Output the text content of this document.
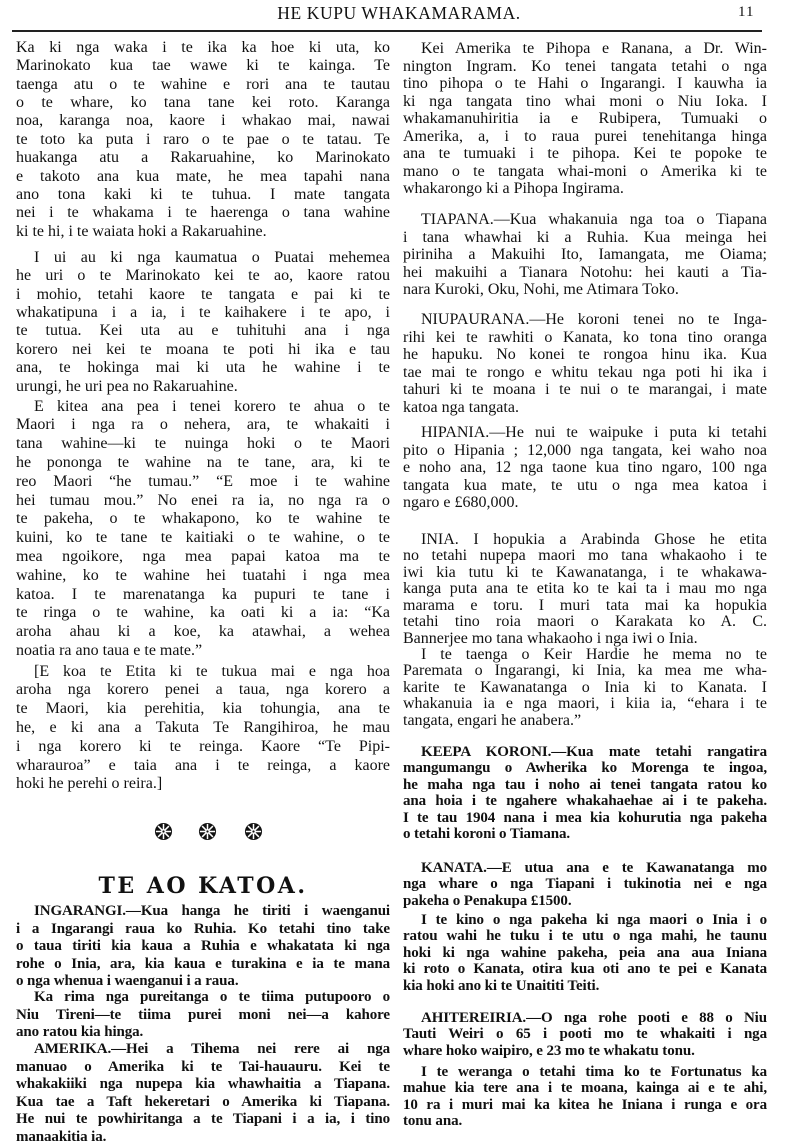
HE KUPU WHAKAMARAMA.	11
Ka ki nga waka i te ika ka hoe ki uta, ko
Marinokato kua tae wawe ki te kainga. Te
taenga atu o te wahine e rori ana te tautau
o te whare, ko tana tane kei roto. Karanga
noa, karanga noa, kaore i whakao mai, nawai
te toto ka puta i raro o te pae o te tatau. Te
huakanga atu a Rakaruahine, ko Marinokato
e takoto ana kua mate, he mea tapahi nana
ano tona kaki ki te tuhua. I mate tangata
nei i te whakama i te haerenga o tana wahine
ki te hi, i te waiata hoki a Rakaruahine.
I ui au ki nga kaumatua o Puatai mehemea
he uri o te Marinokato kei te ao, kaore ratou
i mohio, tetahi kaore te tangata e pai ki te
whakatipuna i a ia, i te kaihakere i te apo, i
te tutua. Kei uta au e tuhituhi ana i nga
korero nei kei te moana te poti hi ika e tau
ana, te hokinga mai ki uta he wahine i te
urungi, he uri pea no Rakaruahine.
E kitea ana pea i tenei korero te ahua o te
Maori i nga ra o nehera, ara, te whakaiti i
tana wahine—ki te nuinga hoki o te Maori
he pononga te wahine na te tane, ara, ki te
reo Maori “he tumau.” “E moe i te wahine
hei tumau mou.” No enei ra ia, no nga ra o
te pakeha, o te whakapono, ko te wahine te
kuini, ko te tane te kaitiaki o te wahine, o te
mea ngoikore, nga mea papai katoa ma te
wahine, ko te wahine hei tuatahi i nga mea
katoa. I te marenatanga ka pupuri te tane i
te ringa o te wahine, ka oati ki a ia: “Ka
aroha ahau ki a koe, ka atawhai, a wehea
noatia ra ano taua e te mate.”
[E koa te Etita ki te tukua mai e nga hoa
aroha nga korero penei a taua, nga korero a
te Maori, kia perehitia, kia tohungia, ana te
he, e ki ana a Takuta Te Rangihiroa, he mau
i nga korero ki te reinga. Kaore “Te Pipi-
wharauroa” e taia ana i te reinga, a kaore
hoki he perehi o reira.]
TE AO KATOA.
INGARANGI.—Kua hanga he tiriti i waenganui
i a Ingarangi raua ko Ruhia. Ko tetahi tino take
o taua tiriti kia kaua a Ruhia e whakatata ki nga
rohe o Inia, ara, kia kaua e turakina e ia te mana
o nga whenua i waenganui i a raua.
Ka rima nga pureitanga o te tiima putupooro o
Niu Tireni—te tiima purei moni nei—a kahore
ano ratou kia hinga.
AMERIKA.—Hei a Tihema nei rere ai nga
manuao o Amerika ki te Tai-hauauru. Kei te
whakakiiki nga nupepa kia whawhaitia a Tiapana.
Kua tae a Taft hekeretari o Amerika ki Tiapana.
He nui te powhiritanga a te Tiapani i a ia, i tino
manaakitia ia.
Kei Amerika te Pihopa e Ranana, a Dr. Win-
nington Ingram. Ko tenei tangata tetahi o nga
tino pihopa o te Hahi o Ingarangi. I kauwha ia
ki nga tangata tino whai moni o Niu Ioka. I
whakamanuhiritia ia e Rubipera, Tumuaki o
Amerika, a, i to raua purei tenehitanga hinga
ana te tumuaki i te pihopa. Kei te popoke te
mano o te tangata whai-moni o Amerika ki te
whakarongo ki a Pihopa Ingirama.
TIAPANA.—Kua whakanuia nga toa o Tiapana
i tana whawhai ki a Ruhia. Kua meinga hei
piriniha a Makuihi Ito, Iamangata, me Oiama;
hei makuihi a Tianara Notohu: hei kauti a Tia-
nara Kuroki, Oku, Nohi, me Atimara Toko.
NIUPAURANA.—He koroni tenei no te Inga-
rihi kei te rawhiti o Kanata, ko tona tino oranga
he hapuku. No konei te rongoa hinu ika. Kua
tae mai te rongo e whitu tekau nga poti hi ika i
tahuri ki te moana i te nui o te marangai, i mate
katoa nga tangata.
HIPANIA.—He nui te waipuke i puta ki tetahi
pito o Hipania ; 12,000 nga tangata, kei waho noa
e noho ana, 12 nga taone kua tino ngaro, 100 nga
tangata kua mate, te utu o nga mea katoa i
ngaro e £680,000.
INIA. I hopukia a Arabinda Ghose he etita
no tetahi nupepa maori mo tana whakaoho i te
iwi kia tutu ki te Kawanatanga, i te whakawa-
kanga puta ana te etita ko te kai ta i mau mo nga
marama e toru. I muri tata mai ka hopukia
tetahi tino roia maori o Karakata ko A. C.
Bannerjee mo tana whakaoho i nga iwi o Inia.
I te taenga o Keir Hardie he mema no te
Paremata o Ingarangi, ki Inia, ka mea me wha-
karite te Kawanatanga o Inia ki to Kanata. I
whakanuia ia e nga maori, i kiia ia, “ehara i te
tangata, engari he anabera.”
KEEPA KORONI.—Kua mate tetahi rangatira
mangumangu o Awherika ko Morenga te ingoa,
he maha nga tau i noho ai tenei tangata ratou ko
ana hoia i te ngahere whakahaehae ai i te pakeha.
I te tau 1904 nana i mea kia kohurutia nga pakeha
o tetahi koroni o Tiamana.
KANATA.—E utua ana e te Kawanatanga mo
nga whare o nga Tiapani i tukinotia nei e nga
pakeha o Penakupa £1500.
I te kino o nga pakeha ki nga maori o Inia i o
ratou wahi he tuku i te utu o nga mahi, he taunu
hoki ki nga wahine pakeha, peia ana aua Iniana
ki roto o Kanata, otira kua oti ano te pei e Kanata
kia hoki ano ki te Unaititi Teiti.
AHITEREIRIA.—O nga rohe pooti e 88 o Niu
Tauti Weiri o 65 i pooti mo te whakaiti i nga
whare hoko waipiro, e 23 mo te whakatu tonu.
I te weranga o tetahi tima ko te Fortunatus ka
mahue kia tere ana i te moana, kainga ai e te ahi,
10 ra i muri mai ka kitea he Iniana i runga e ora
tonu ana.
